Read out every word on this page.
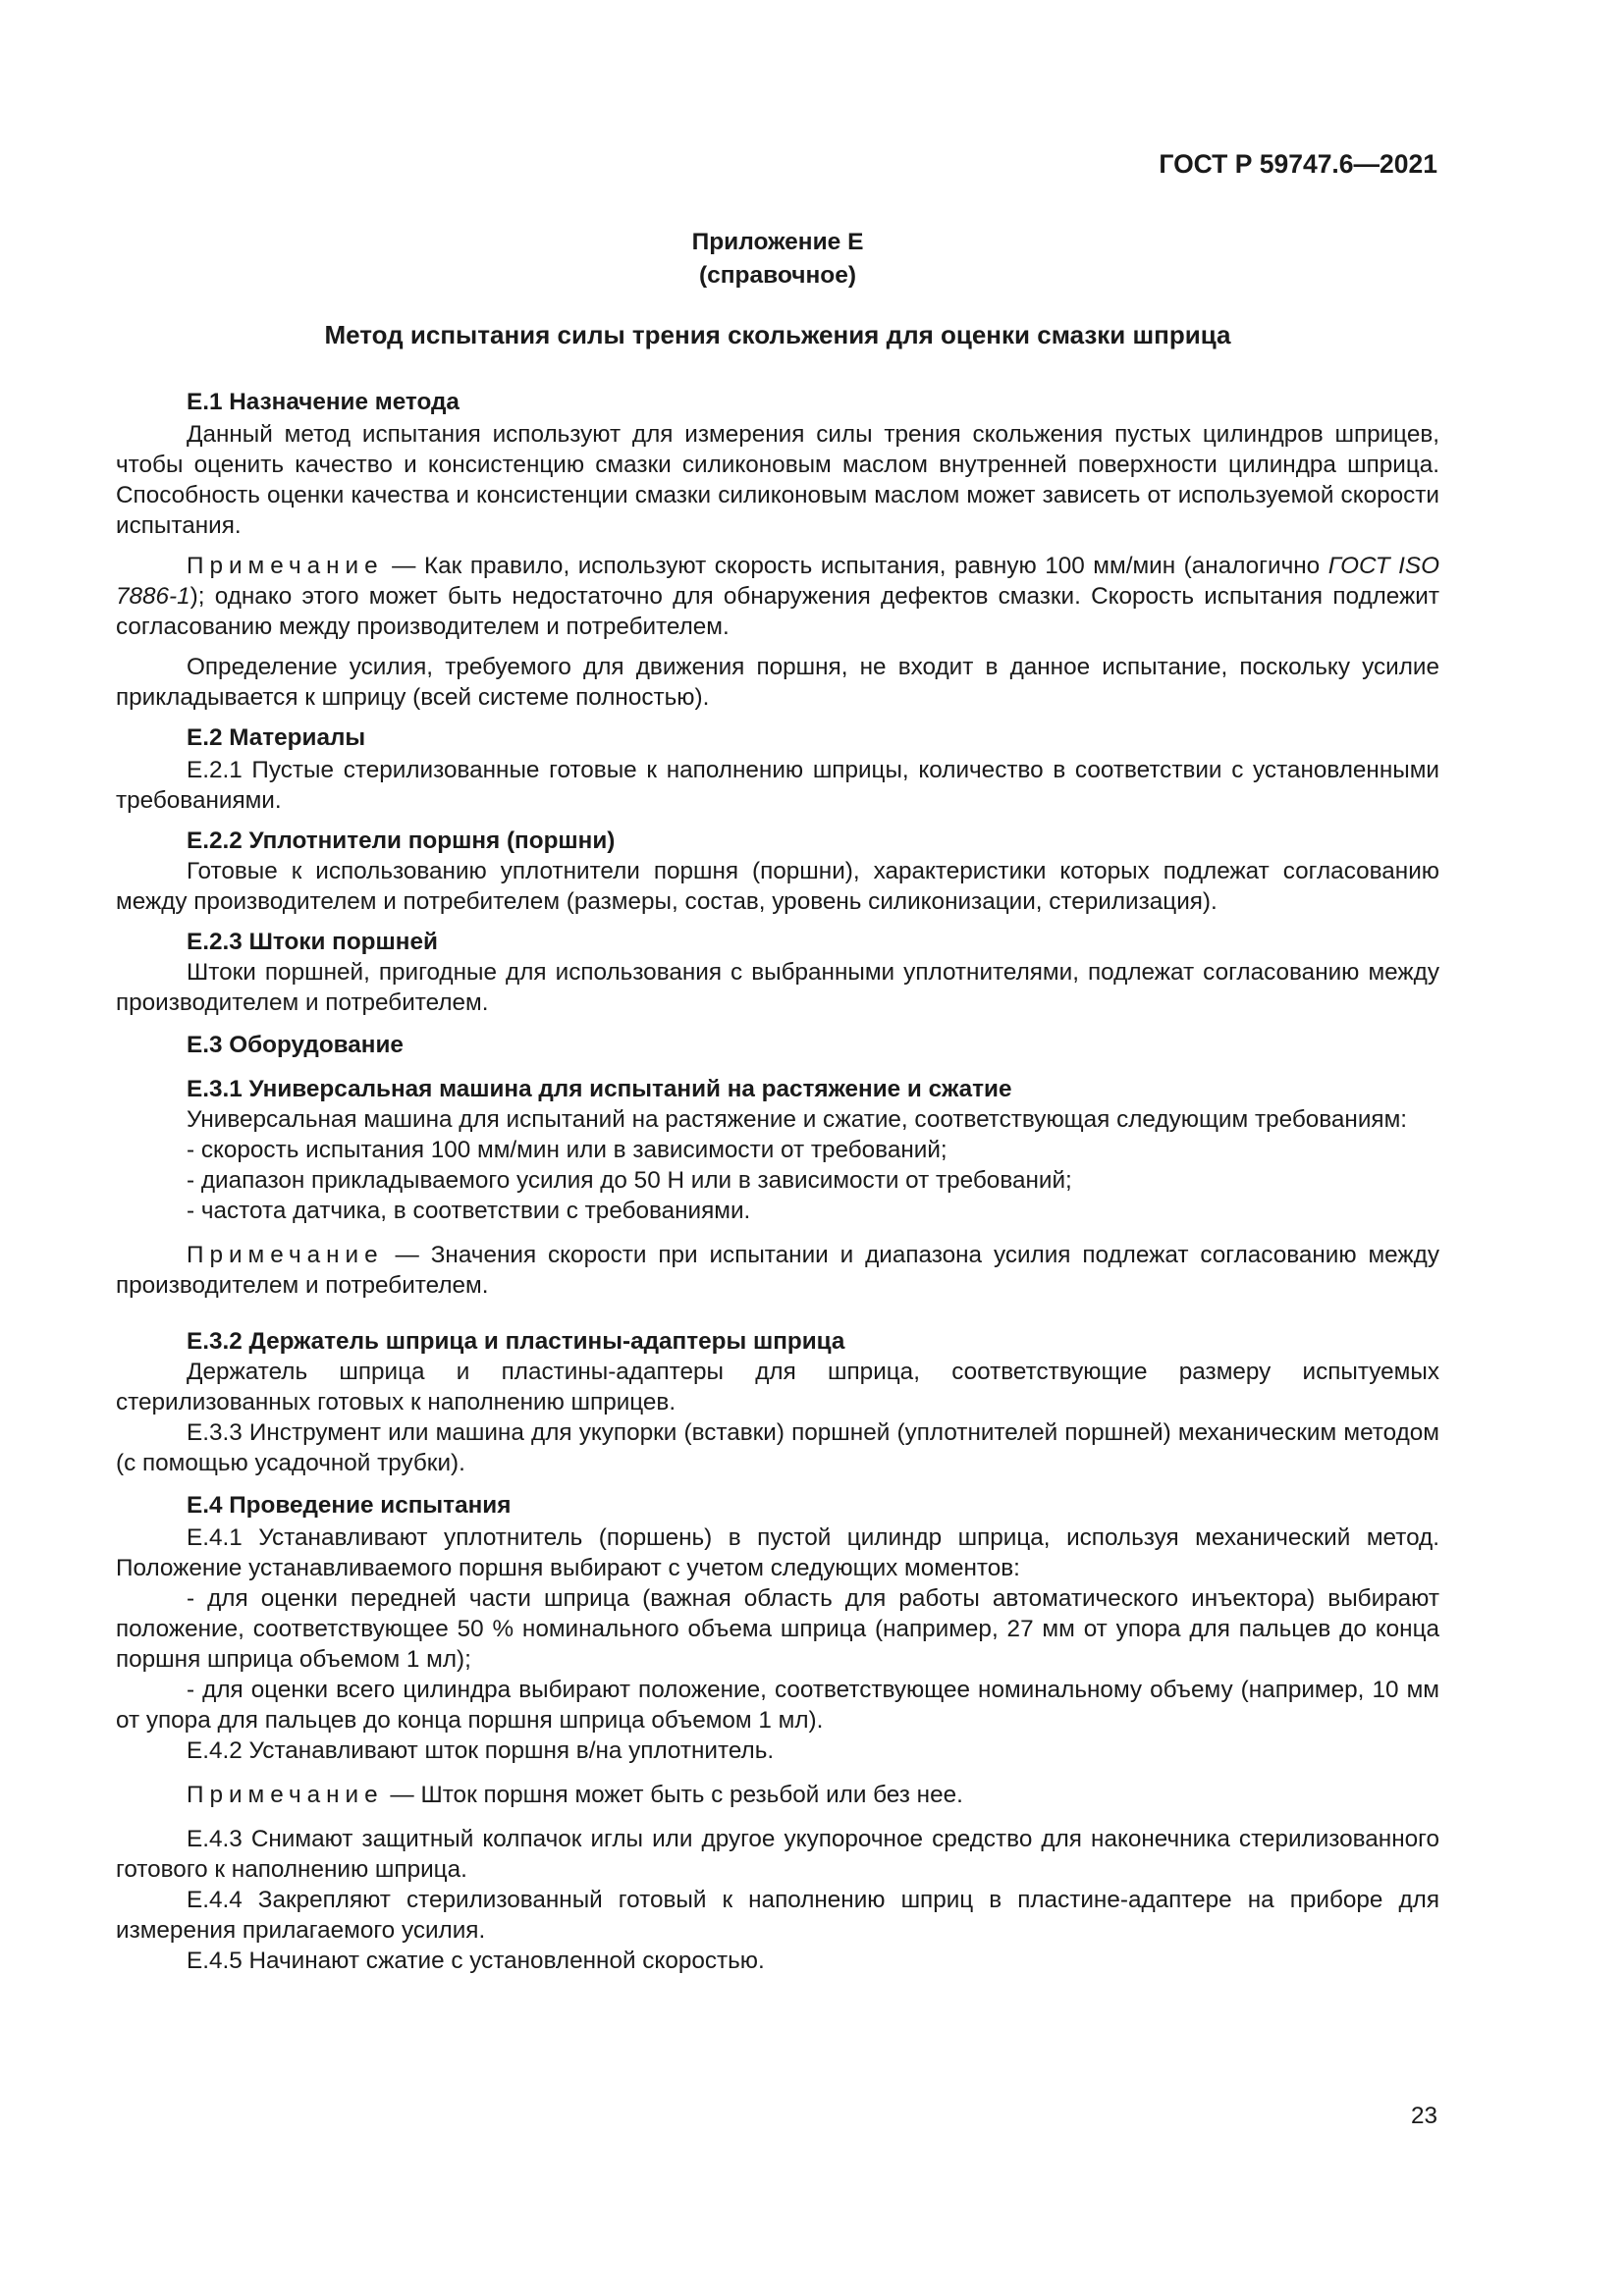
ГОСТ Р 59747.6—2021
Приложение E
(справочное)
Метод испытания силы трения скольжения для оценки смазки шприца
E.1 Назначение метода

Данный метод испытания используют для измерения силы трения скольжения пустых цилиндров шприцев, чтобы оценить качество и консистенцию смазки силиконовым маслом внутренней поверхности цилиндра шприца. Способность оценки качества и консистенции смазки силиконовым маслом может зависеть от используемой скорости испытания.

Примечание — Как правило, используют скорость испытания, равную 100 мм/мин (аналогично ГОСТ ISO 7886-1); однако этого может быть недостаточно для обнаружения дефектов смазки. Скорость испытания подлежит согласованию между производителем и потребителем.

Определение усилия, требуемого для движения поршня, не входит в данное испытание, поскольку усилие прикладывается к шприцу (всей системе полностью).

E.2 Материалы

E.2.1 Пустые стерилизованные готовые к наполнению шприцы, количество в соответствии с установленными требованиями.

E.2.2 Уплотнители поршня (поршни)

Готовые к использованию уплотнители поршня (поршни), характеристики которых подлежат согласованию между производителем и потребителем (размеры, состав, уровень силиконизации, стерилизация).

E.2.3 Штоки поршней

Штоки поршней, пригодные для использования с выбранными уплотнителями, подлежат согласованию между производителем и потребителем.

E.3 Оборудование
E.3.1 Универсальная машина для испытаний на растяжение и сжатие

Универсальная машина для испытаний на растяжение и сжатие, соответствующая следующим требованиям:

- скорость испытания 100 мм/мин или в зависимости от требований;

- диапазон прикладываемого усилия до 50 Н или в зависимости от требований;

- частота датчика, в соответствии с требованиями.

Примечание — Значения скорости при испытании и диапазона усилия подлежат согласованию между производителем и потребителем.

E.3.2 Держатель шприца и пластины-адаптеры шприца

Держатель шприца и пластины-адаптеры для шприца, соответствующие размеру испытуемых стерилизованных готовых к наполнению шприцев.

E.3.3 Инструмент или машина для укупорки (вставки) поршней (уплотнителей поршней) механическим методом (с помощью усадочной трубки).

E.4 Проведение испытания

E.4.1 Устанавливают уплотнитель (поршень) в пустой цилиндр шприца, используя механический метод. Положение устанавливаемого поршня выбирают с учетом следующих моментов:

- для оценки передней части шприца (важная область для работы автоматического инъектора) выбирают положение, соответствующее 50 % номинального объема шприца (например, 27 мм от упора для пальцев до конца поршня шприца объемом 1 мл);

- для оценки всего цилиндра выбирают положение, соответствующее номинальному объему (например, 10 мм от упора для пальцев до конца поршня шприца объемом 1 мл).

E.4.2 Устанавливают шток поршня в/на уплотнитель.

Примечание — Шток поршня может быть с резьбой или без нее.

E.4.3 Снимают защитный колпачок иглы или другое укупорочное средство для наконечника стерилизованного готового к наполнению шприца.

E.4.4 Закрепляют стерилизованный готовый к наполнению шприц в пластине-адаптере на приборе для измерения прилагаемого усилия.

E.4.5 Начинают сжатие с установленной скоростью.

23
